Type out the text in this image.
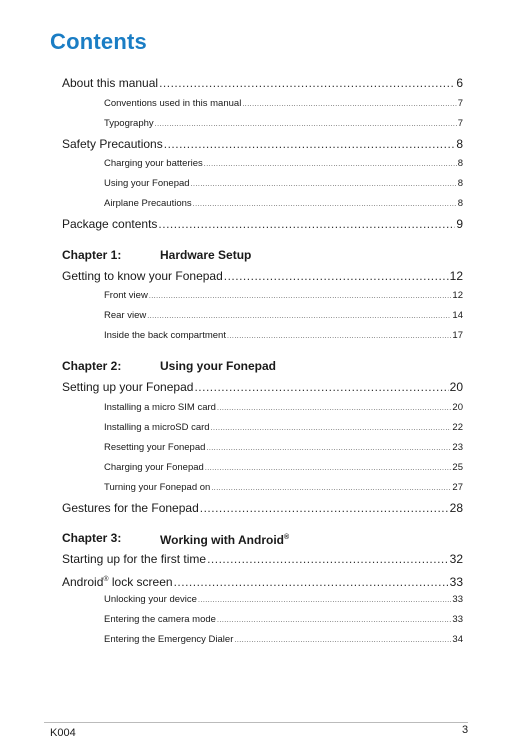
Contents
About this manual .....	6
Conventions used in this manual .....	7
Typography .....	7
Safety Precautions .....	8
Charging your batteries .....	8
Using your Fonepad .....	8
Airplane Precautions .....	8
Package contents .....	9
Chapter 1:	Hardware Setup
Getting to know your Fonepad .....	12
Front view .....	12
Rear view .....	14
Inside the back compartment .....	17
Chapter 2:	Using your Fonepad
Setting up your Fonepad .....	20
Installing a micro SIM card .....	20
Installing a microSD card .....	22
Resetting your Fonepad .....	23
Charging your Fonepad .....	25
Turning your Fonepad on .....	27
Gestures for the Fonepad .....	28
Chapter 3:	Working with Android®
Starting up for the first time .....	32
Android® lock screen .....	33
Unlocking your device .....	33
Entering the camera mode .....	33
Entering the Emergency Dialer .....	34
K004	3
